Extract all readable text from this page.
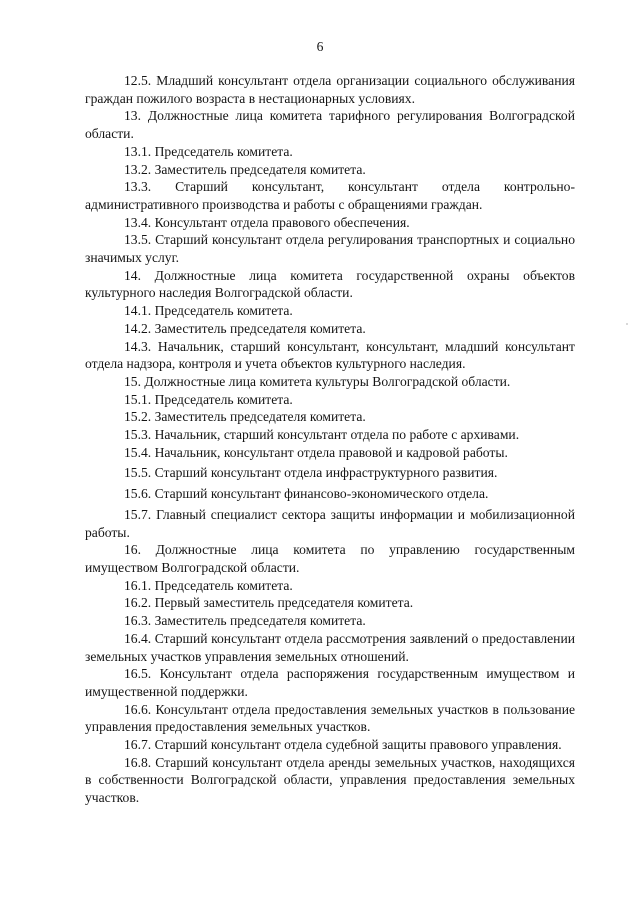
6

12.5. Младший консультант отдела организации социального обслуживания граждан пожилого возраста в нестационарных условиях.

13. Должностные лица комитета тарифного регулирования Волгоградской области.

13.1. Председатель комитета.

13.2. Заместитель председателя комитета.

13.3. Старший консультант, консультант отдела контрольно-административного производства и работы с обращениями граждан.

13.4. Консультант отдела правового обеспечения.

13.5. Старший консультант отдела регулирования транспортных и социально значимых услуг.

14. Должностные лица комитета государственной охраны объектов культурного наследия Волгоградской области.

14.1. Председатель комитета.

14.2. Заместитель председателя комитета.

14.3. Начальник, старший консультант, консультант, младший консультант отдела надзора, контроля и учета объектов культурного наследия.

15. Должностные лица комитета культуры Волгоградской области.

15.1. Председатель комитета.

15.2. Заместитель председателя комитета.

15.3. Начальник, старший консультант отдела по работе с архивами.

15.4. Начальник, консультант отдела правовой и кадровой работы.

15.5. Старший консультант отдела инфраструктурного развития.

15.6. Старший консультант финансово-экономического отдела.

15.7. Главный специалист сектора защиты информации и мобилизационной работы.

16. Должностные лица комитета по управлению государственным имуществом Волгоградской области.

16.1. Председатель комитета.

16.2. Первый заместитель председателя комитета.

16.3. Заместитель председателя комитета.

16.4. Старший консультант отдела рассмотрения заявлений о предоставлении земельных участков управления земельных отношений.

16.5. Консультант отдела распоряжения государственным имуществом и имущественной поддержки.

16.6. Консультант отдела предоставления земельных участков в пользование управления предоставления земельных участков.

16.7. Старший консультант отдела судебной защиты правового управления.

16.8. Старший консультант отдела аренды земельных участков, находящихся в собственности Волгоградской области, управления предоставления земельных участков.
